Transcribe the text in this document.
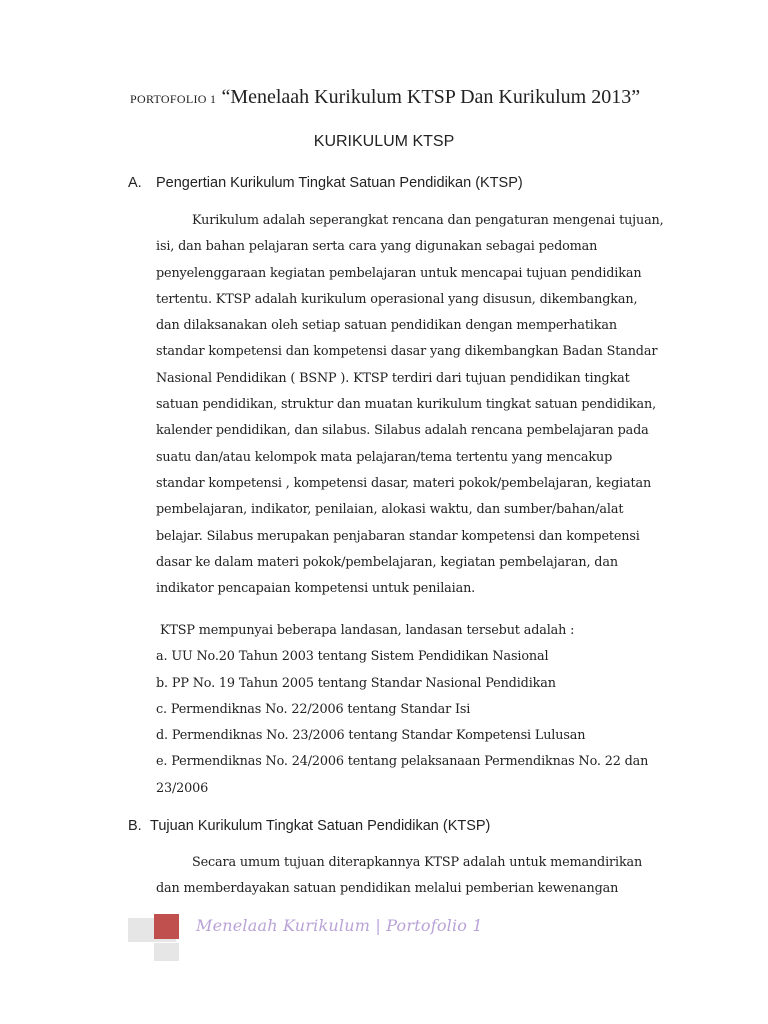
PORTOFOLIO 1 “Menelaah Kurikulum KTSP Dan Kurikulum 2013”
KURIKULUM KTSP
A. Pengertian Kurikulum Tingkat Satuan Pendidikan (KTSP)
Kurikulum adalah seperangkat rencana dan pengaturan mengenai tujuan,
isi, dan bahan pelajaran serta cara yang digunakan sebagai pedoman
penyelenggaraan kegiatan pembelajaran untuk mencapai tujuan pendidikan
tertentu. KTSP adalah kurikulum operasional yang disusun, dikembangkan,
dan dilaksanakan oleh setiap satuan pendidikan dengan memperhatikan
standar kompetensi dan kompetensi dasar yang dikembangkan Badan Standar
Nasional Pendidikan ( BSNP ). KTSP terdiri dari tujuan pendidikan tingkat
satuan pendidikan, struktur dan muatan kurikulum tingkat satuan pendidikan,
kalender pendidikan, dan silabus. Silabus adalah rencana pembelajaran pada
suatu dan/atau kelompok mata pelajaran/tema tertentu yang mencakup
standar kompetensi , kompetensi dasar, materi pokok/pembelajaran, kegiatan
pembelajaran, indikator, penilaian, alokasi waktu, dan sumber/bahan/alat
belajar. Silabus merupakan penjabaran standar kompetensi dan kompetensi
dasar ke dalam materi pokok/pembelajaran, kegiatan pembelajaran, dan
indikator pencapaian kompetensi untuk penilaian.
KTSP mempunyai beberapa landasan, landasan tersebut adalah :
a. UU No.20 Tahun 2003 tentang Sistem Pendidikan Nasional
b. PP No. 19 Tahun 2005 tentang Standar Nasional Pendidikan
c. Permendiknas No. 22/2006 tentang Standar Isi
d. Permendiknas No. 23/2006 tentang Standar Kompetensi Lulusan
e. Permendiknas No. 24/2006 tentang pelaksanaan Permendiknas No. 22 dan
23/2006
B. Tujuan Kurikulum Tingkat Satuan Pendidikan (KTSP)
Secara umum tujuan diterapkannya KTSP adalah untuk memandirikan
dan memberdayakan satuan pendidikan melalui pemberian kewenangan
Menelaah Kurikulum | Portofolio 1
